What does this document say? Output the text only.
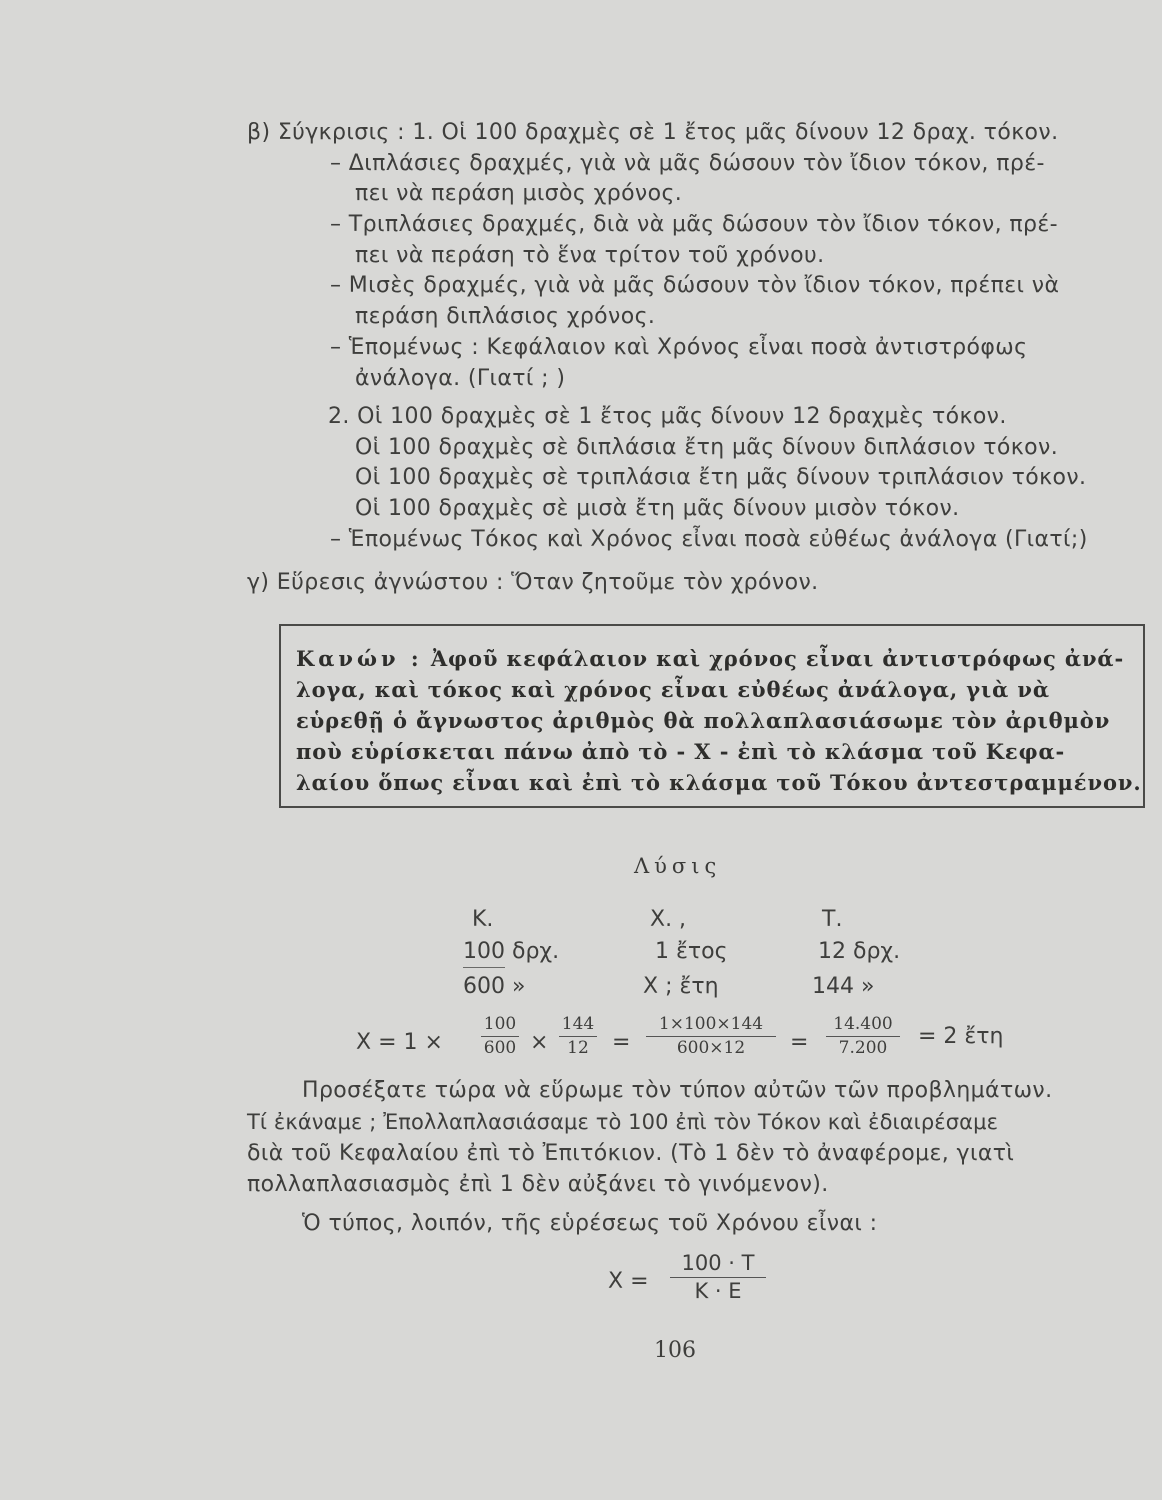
β) Σύγκρισις : 1. Οἱ 100 δραχμὲς σὲ 1 ἔτος μᾶς δίνουν 12 δραχ. τόκον.
– Διπλάσιες δραχμές, γιὰ νὰ μᾶς δώσουν τὸν ἴδιον τόκον, πρέ-
πει νὰ περάση μισὸς χρόνος.
– Τριπλάσιες δραχμές, διὰ νὰ μᾶς δώσουν τὸν ἴδιον τόκον, πρέ-
πει νὰ περάση τὸ ἕνα τρίτον τοῦ χρόνου.
– Μισὲς δραχμές, γιὰ νὰ μᾶς δώσουν τὸν ἴδιον τόκον, πρέπει νὰ
περάση διπλάσιος χρόνος.
– Ἑπομένως : Κεφάλαιον καὶ Χρόνος εἶναι ποσὰ ἀντιστρόφως
ἀνάλογα. (Γιατί ; )
2. Οἱ 100 δραχμὲς σὲ 1 ἔτος μᾶς δίνουν 12 δραχμὲς τόκον.
Οἱ 100 δραχμὲς σὲ διπλάσια ἔτη μᾶς δίνουν διπλάσιον τόκον.
Οἱ 100 δραχμὲς σὲ τριπλάσια ἔτη μᾶς δίνουν τριπλάσιον τόκον.
Οἱ 100 δραχμὲς σὲ μισὰ ἔτη μᾶς δίνουν μισὸν τόκον.
– Ἑπομένως Τόκος καὶ Χρόνος εἶναι ποσὰ εὐθέως ἀνάλογα (Γιατί;)
γ) Εὕρεσις ἀγνώστου : Ὅταν ζητοῦμε τὸν χρόνον.
Κανών : Ἀφοῦ κεφάλαιον καὶ χρόνος εἶναι ἀντιστρόφως ἀνά-
λογα, καὶ τόκος καὶ χρόνος εἶναι εὐθέως ἀνάλογα, γιὰ νὰ
εὑρεθῇ ὁ ἄγνωστος ἀριθμὸς θὰ πολλαπλασιάσωμε τὸν ἀριθμὸν
ποὺ εὑρίσκεται πάνω ἀπὸ τὸ - Χ - ἐπὶ τὸ κλάσμα τοῦ Κεφα-
λαίου ὅπως εἶναι καὶ ἐπὶ τὸ κλάσμα τοῦ Τόκου ἀντεστραμμένον.
Λύσις
Κ.	Χ. ,	Τ.
100 δρχ.	1 ἔτος	12 δρχ.
600 »	Χ ; ἔτη	144 »
Χ = 1 ×
100
600 ×
144
12	=
1×100×144
600×12	=
14.400
7.200	= 2 ἔτη
Προσέξατε τώρα νὰ εὕρωμε τὸν τύπον αὐτῶν τῶν προβλημάτων.
Τί ἐκάναμε ; Ἐπολλαπλασιάσαμε τὸ 100 ἐπὶ τὸν Τόκον καὶ ἐδιαιρέσαμε
διὰ τοῦ Κεφαλαίου ἐπὶ τὸ Ἐπιτόκιον. (Τὸ 1 δὲν τὸ ἀναφέρομε, γιατὶ
πολλαπλασιασμὸς ἐπὶ 1 δὲν αὐξάνει τὸ γινόμενον).
Ὁ τύπος, λοιπόν, τῆς εὑρέσεως τοῦ Χρόνου εἶναι :
Χ =
100 · Τ
Κ · Ε
106
